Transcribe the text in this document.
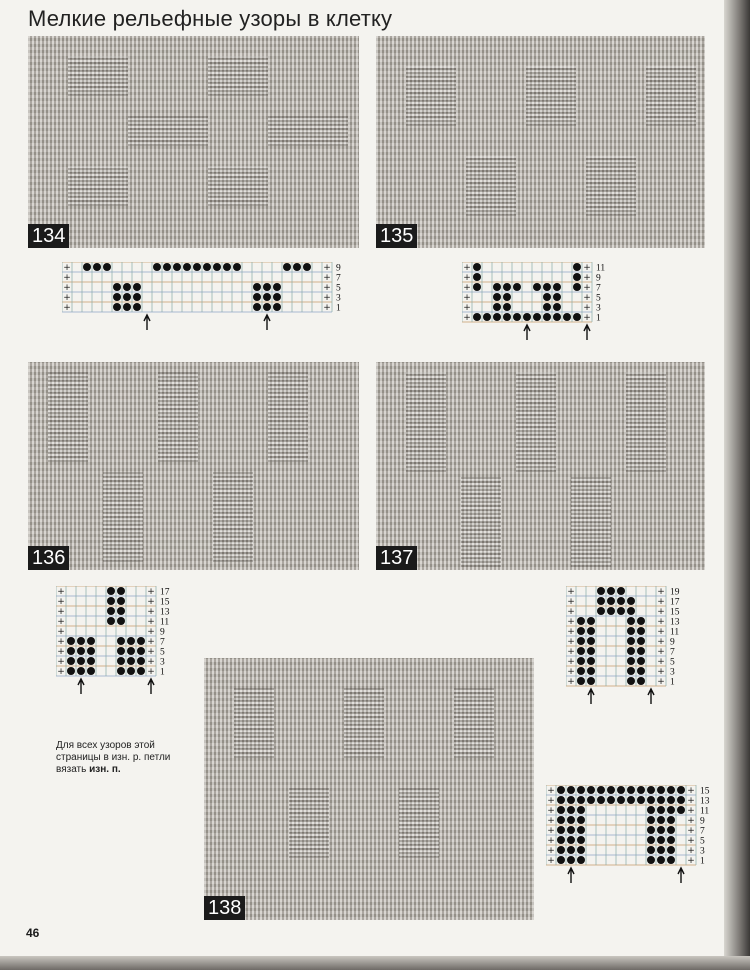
Мелкие рельефные узоры в клетку
134	135
136	137
138
+	+
+	+
+	+
+	+
+	+
9
7
5
3
1
+	+
+	+
+	+
+	+
+	+
+	+
11
9
7
5
3
1
+	+
+	+
+	+
+	+
+	+
+	+
+	+
+	+
+	+
17
15
13
11
9
7
5
3
1
+	+
+	+
+	+
+	+
+	+
+	+
+	+
+	+
+	+
+	+
19
17
15
13
11
9
7
5
3
1
+	+
+	+
+	+
+	+
+	+
+	+
+	+
+	+
15
13
11
9
7
5
3
1
Для всех узоров этой страницы в изн. р. петли вязать изн. п.
46
